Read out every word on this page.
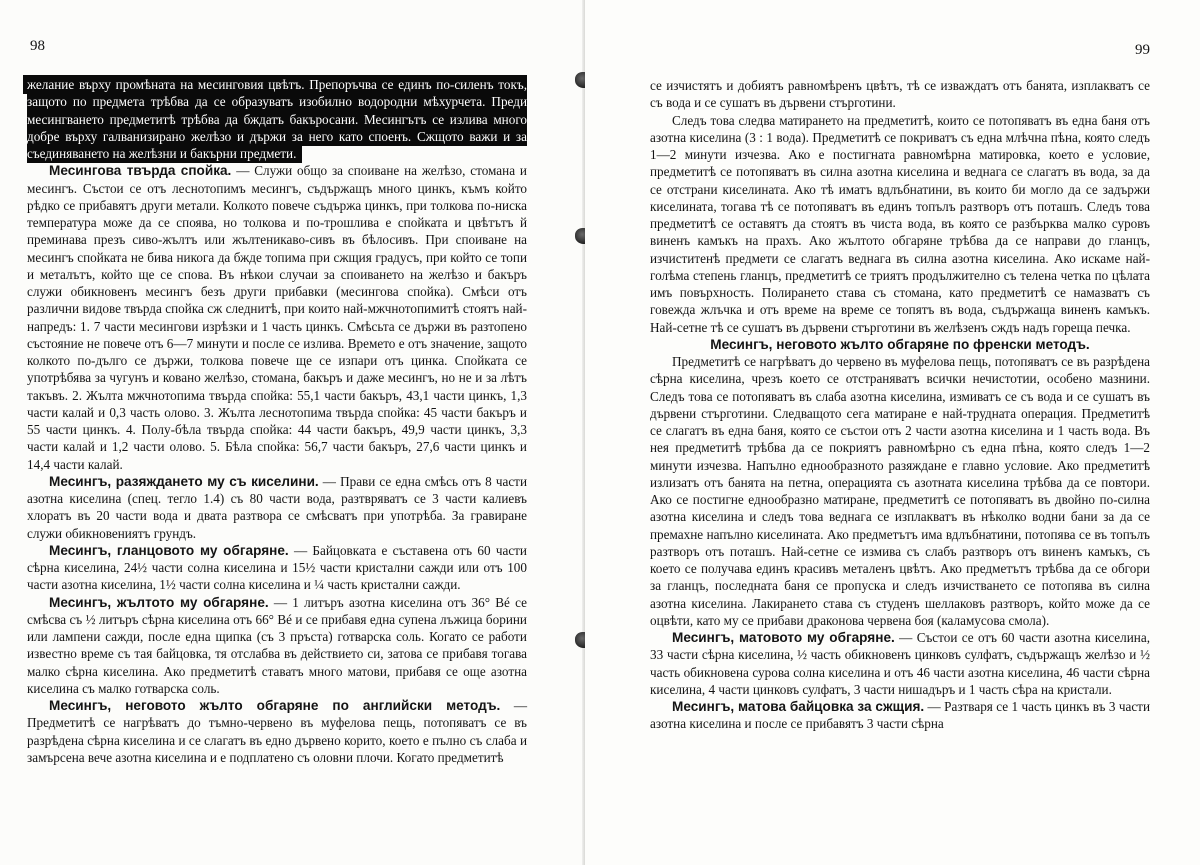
98

желание върху промѣната на месинговия цвѣтъ. Препоръчва се единъ по-силенъ токъ, защото по предмета трѣбва да се образуватъ изобилно водородни мѣхурчета. Преди месингването предметитѣ трѣбва да бждатъ бакъросани. Месингътъ се излива много добре върху галванизирано желѣзо и държи за него като споенъ. Сжщото важи и за съединяването на желѣзни и бакърни предмети.

Месингова твърда спойка. — Служи общо за споиване на желѣзо, стомана и месингъ. Състои се отъ леснотопимъ месингъ, съдържащъ много цинкъ, къмъ който рѣдко се прибавятъ други метали. Колкото повече съдържа цинкъ, при толкова по-ниска температура може да се споява, но толкова и по-трошлива е спойката и цвѣтътъ й преминава презъ сиво-жълтъ или жълтеникаво-сивъ въ бѣлосивъ. При споиване на месингъ спойката не бива никога да бжде топима при сжщия градусъ, при който се топи и металътъ, който ще се спова. Въ нѣкои случаи за споиването на желѣзо и бакъръ служи обикновенъ месингъ безъ други прибавки (месингова спойка). Смѣси отъ различни видове твърда спойка сж следнитѣ, при които най-мжчнотопимитѣ стоятъ най-напредъ: 1. 7 части месингови изрѣзки и 1 часть цинкъ. Смѣсьта се държи въ разтопено състояние не повече отъ 6—7 минути и после се излива. Времето е отъ значение, защото колкото по-дълго се държи, толкова повече ще се изпари отъ цинка. Спойката се употрѣбява за чугунъ и ковано желѣзо, стомана, бакъръ и даже месингъ, но не и за лѣтъ такъвъ. 2. Жълта мжчнотопима твърда спойка: 55,1 части бакъръ, 43,1 части цинкъ, 1,3 части калай и 0,3 часть олово. 3. Жълта леснотопима твърда спойка: 45 части бакъръ и 55 части цинкъ. 4. Полу-бѣла твърда спойка: 44 части бакъръ, 49,9 части цинкъ, 3,3 части калай и 1,2 части олово. 5. Бѣла спойка: 56,7 части бакъръ, 27,6 части цинкъ и 14,4 части калай.

Месингъ, разяждането му съ киселини. — Прави се една смѣсь отъ 8 части азотна киселина (спец. тегло 1.4) съ 80 части вода, разтвряватъ се 3 части калиевъ хлоратъ въ 20 части вода и двата разтвора се смѣсватъ при употрѣба. За гравиране служи обикновениятъ грундъ.

Месингъ, гланцовото му обгаряне. — Байцовката е съставена отъ 60 части сѣрна киселина, 24½ части солна киселина и 15½ части кристални сажди или отъ 100 части азотна киселина, 1½ части солна киселина и ¼ часть кристални сажди.

Месингъ, жълтото му обгаряне. — 1 литъръ азотна киселина отъ 36° Bé се смѣсва съ ½ литъръ сѣрна киселина отъ 66° Bé и се прибавя една супена лъжица борини или лампени сажди, после една щипка (съ 3 пръста) готварска соль. Когато се работи известно време съ тая байцовка, тя отслабва въ действието си, затова се прибавя тогава малко сѣрна киселина. Ако предметитѣ ставатъ много матови, прибавя се още азотна киселина съ малко готварска соль.

Месингъ, неговото жълто обгаряне по английски методъ. — Предметитѣ се нагрѣватъ до тъмно-червено въ муфелова пещь, потопяватъ се въ разрѣдена сѣрна киселина и се слагатъ въ едно дървено корито, което е пълно съ слаба и замърсена вече азотна киселина и е подплатено съ оловни плочи. Когато предметитѣ

99

се изчистятъ и добиятъ равномѣренъ цвѣтъ, тѣ се изваждатъ отъ банята, изплакватъ се съ вода и се сушатъ въ дървени стърготини.

Следъ това следва матирането на предметитѣ, които се потопяватъ въ една баня отъ азотна киселина (3 : 1 вода). Предметитѣ се покриватъ съ една млѣчна пѣна, която следъ 1—2 минути изчезва. Ако е постигната равномѣрна матировка, което е условие, предметитѣ се потопяватъ въ силна азотна киселина и веднага се слагатъ въ вода, за да се отстрани киселината. Ако тѣ иматъ вдлъбнатини, въ които би могло да се задържи киселината, тогава тѣ се потопяватъ въ единъ топълъ разтворъ отъ поташъ. Следъ това предметитѣ се оставятъ да стоятъ въ чиста вода, въ която се разбърква малко суровъ виненъ камъкъ на прахъ. Ако жълтото обгаряне трѣбва да се направи до гланцъ, изчиститенѣ предмети се слагатъ веднага въ силна азотна киселина. Ако искаме най-голѣма степень гланцъ, предметитѣ се триятъ продължително съ телена четка по цѣлата имъ повърхность. Полирането става съ стомана, като предметитѣ се намазватъ съ говежда жлъчка и отъ време на време се топятъ въ вода, съдържаща виненъ камъкъ. Най-сетне тѣ се сушатъ въ дървени стърготини въ желѣзенъ сждъ надъ гореща печка.

Месингъ, неговото жълто обгаряне по френски методъ.

Предметитѣ се нагрѣватъ до червено въ муфелова пещь, потопяватъ се въ разрѣдена сѣрна киселина, чрезъ което се отстраняватъ всички нечистотии, особено мазнини. Следъ това се потопяватъ въ слаба азотна киселина, измиватъ се съ вода и се сушатъ въ дървени стърготини. Следващото сега матиране е най-трудната операция. Предметитѣ се слагатъ въ една баня, която се състои отъ 2 части азотна киселина и 1 часть вода. Въ нея предметитѣ трѣбва да се покриятъ равномѣрно съ една пѣна, която следъ 1—2 минути изчезва. Напълно еднообразното разяждане е главно условие. Ако предметитѣ излизатъ отъ банята на петна, операцията съ азотната киселина трѣбва да се повтори. Ако се постигне еднообразно матиране, предметитѣ се потопяватъ въ двойно по-силна азотна киселина и следъ това веднага се изплакватъ въ нѣколко водни бани за да се премахне напълно киселината. Ако предметътъ има вдлъбнатини, потопява се въ топълъ разтворъ отъ поташъ. Най-сетне се измива съ слабъ разтворъ отъ виненъ камъкъ, съ което се получава единъ красивъ металенъ цвѣтъ. Ако предметътъ трѣбва да се обгори за гланцъ, последната баня се пропуска и следъ изчистването се потопява въ силна азотна киселина. Лакирането става съ студенъ шеллаковъ разтворъ, който може да се оцвѣти, като му се прибави драконова червена боя (каламусова смола).

Месингъ, матовото му обгаряне. — Състои се отъ 60 части азотна киселина, 33 части сѣрна киселина, ½ часть обикновенъ цинковъ сулфатъ, съдържащъ желѣзо и ½ часть обикновена сурова солна киселина и отъ 46 части азотна киселина, 46 части сѣрна киселина, 4 части цинковъ сулфатъ, 3 части нишадъръ и 1 часть сѣра на кристали.

Месингъ, матова байцовка за сжщия. — Разтваря се 1 часть цинкъ въ 3 части азотна киселина и после се прибавятъ 3 части сѣрна
